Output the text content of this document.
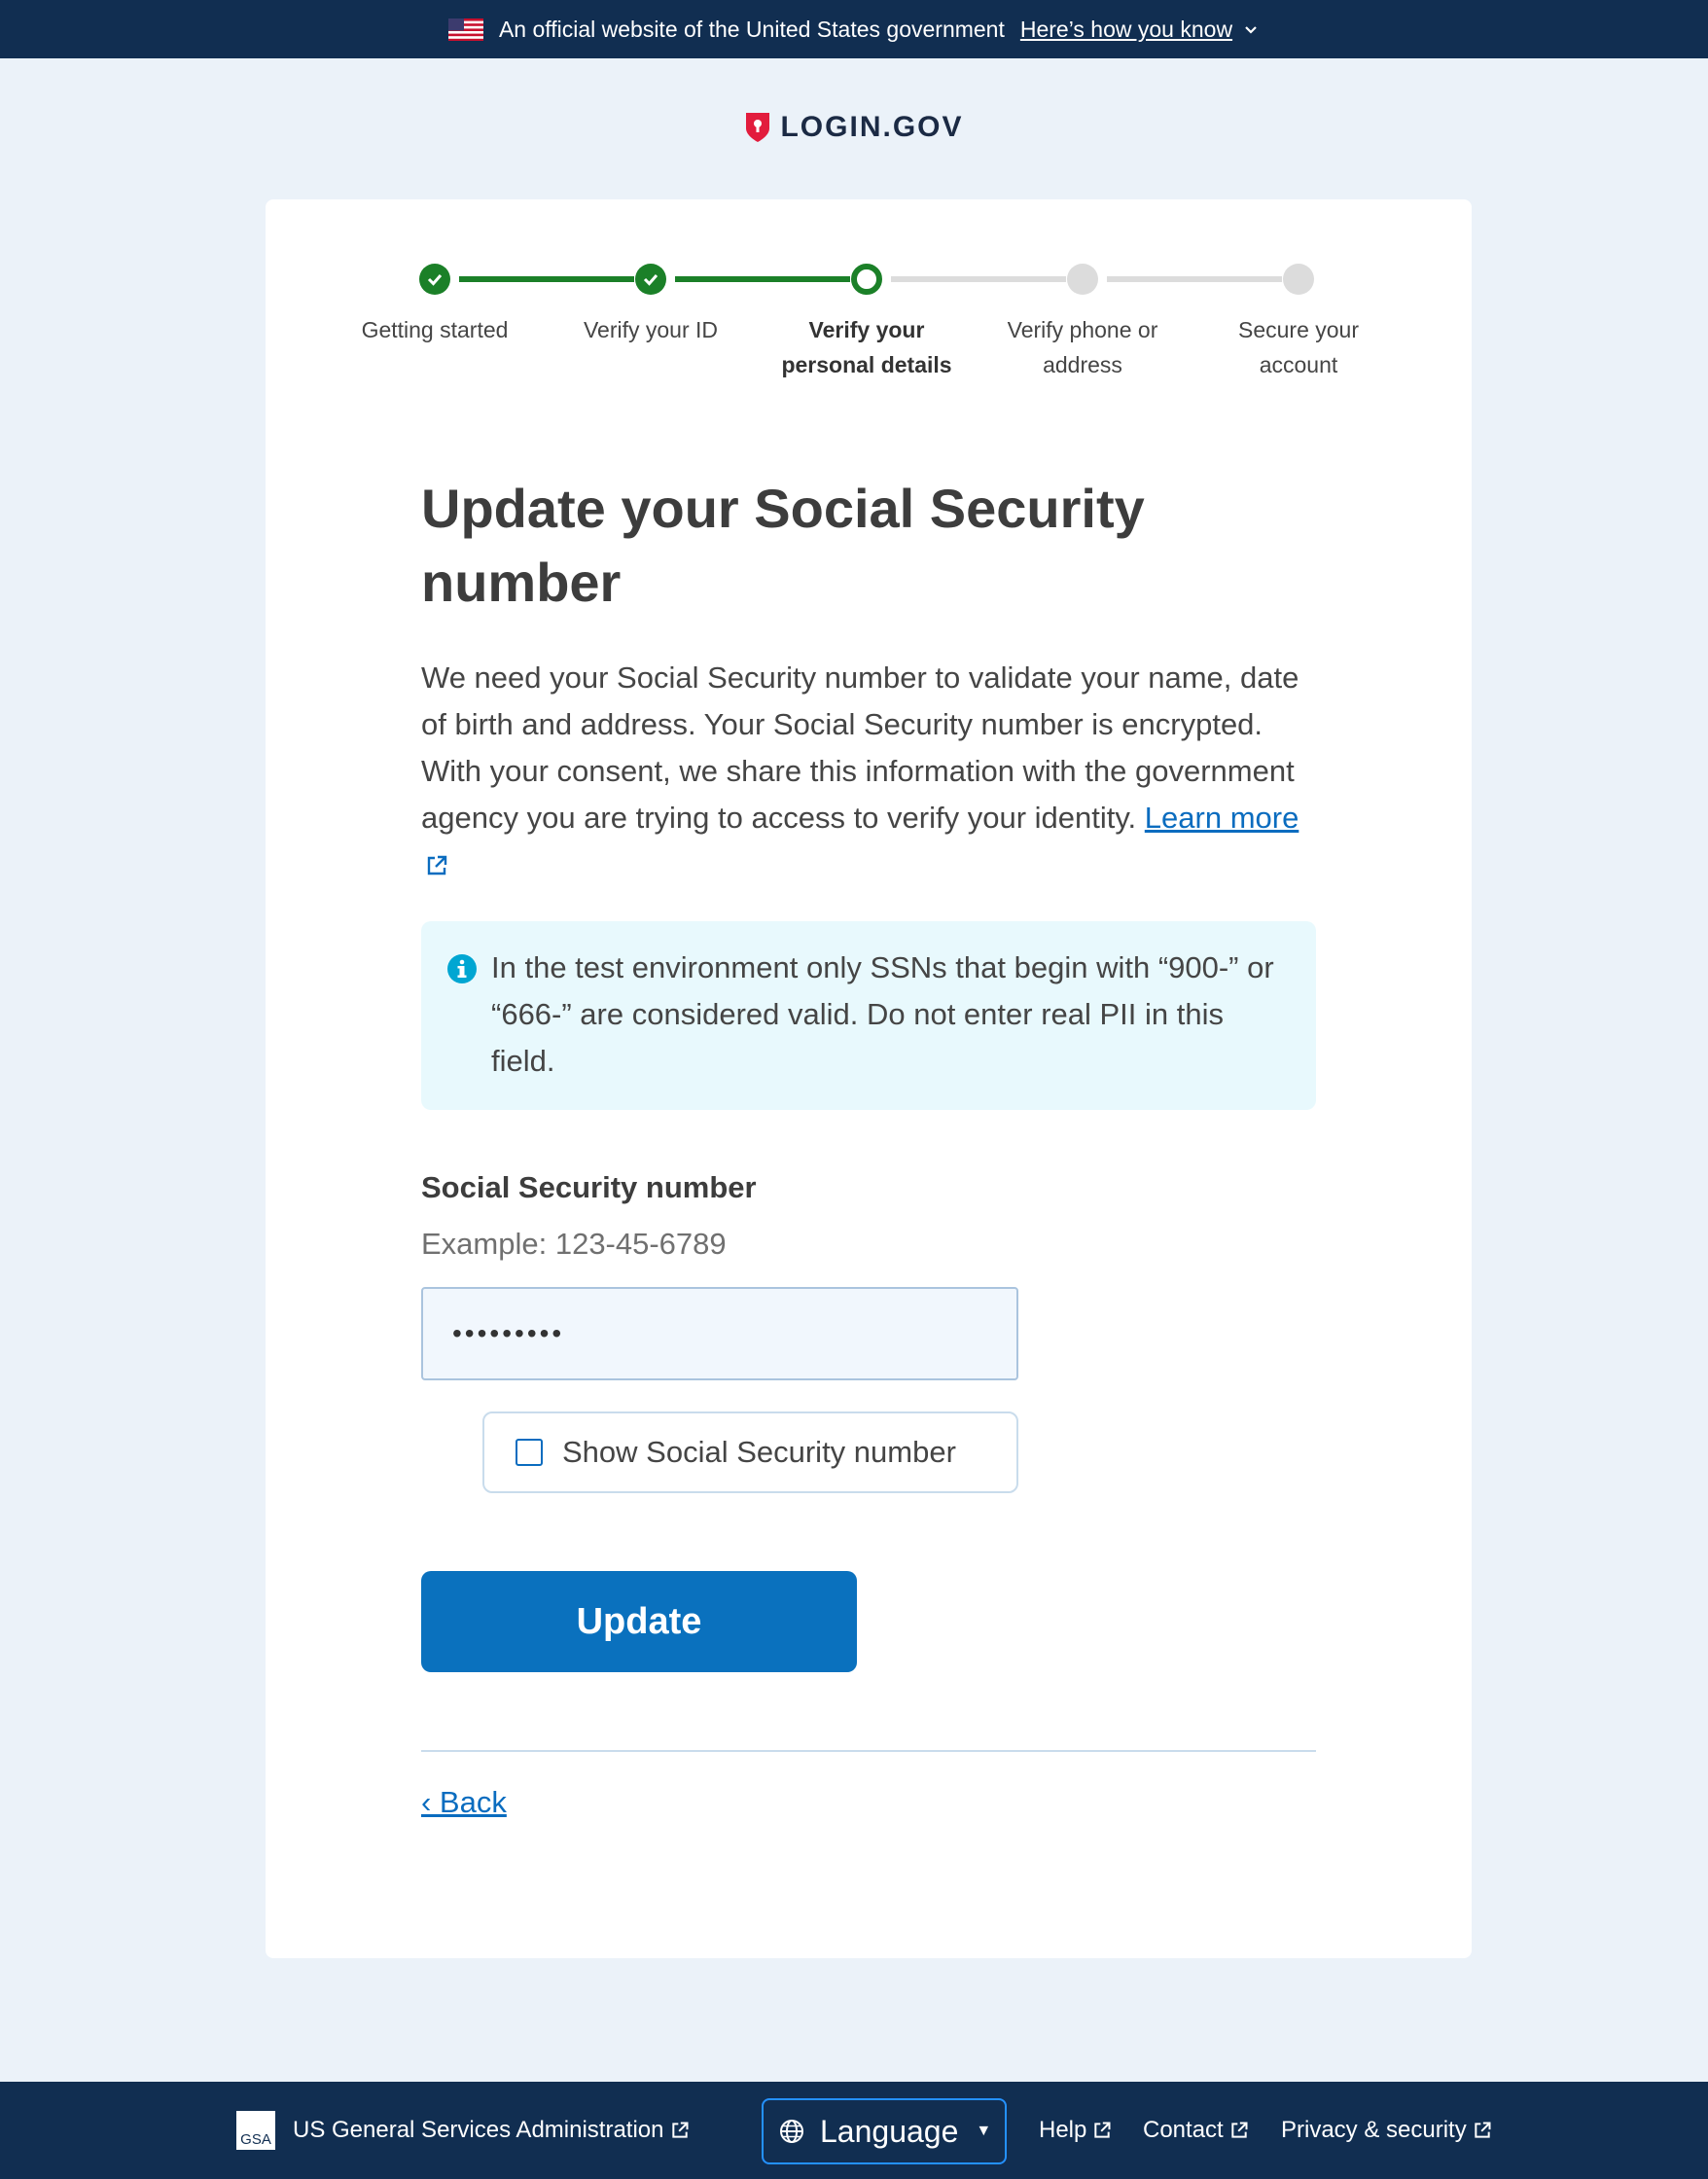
An official website of the United States government Here’s how you know
LOGIN.GOV
Getting started	Verify your ID	Verify your
personal details
Verify phone or
address
Secure your
account
Update your Social Security number

We need your Social Security number to validate your name, date of birth and address. Your Social Security number is encrypted. With your consent, we share this information with the government agency you are trying to access to verify your identity. Learn more

In the test environment only SSNs that begin with “900-” or “666-” are considered valid. Do not enter real PII in this field.
Social Security number
Example: 123-45-6789
•••••••••
Show Social Security number
Update
‹ Back
GSA US General Services Administration	Language ▼ Help Contact Privacy & security
